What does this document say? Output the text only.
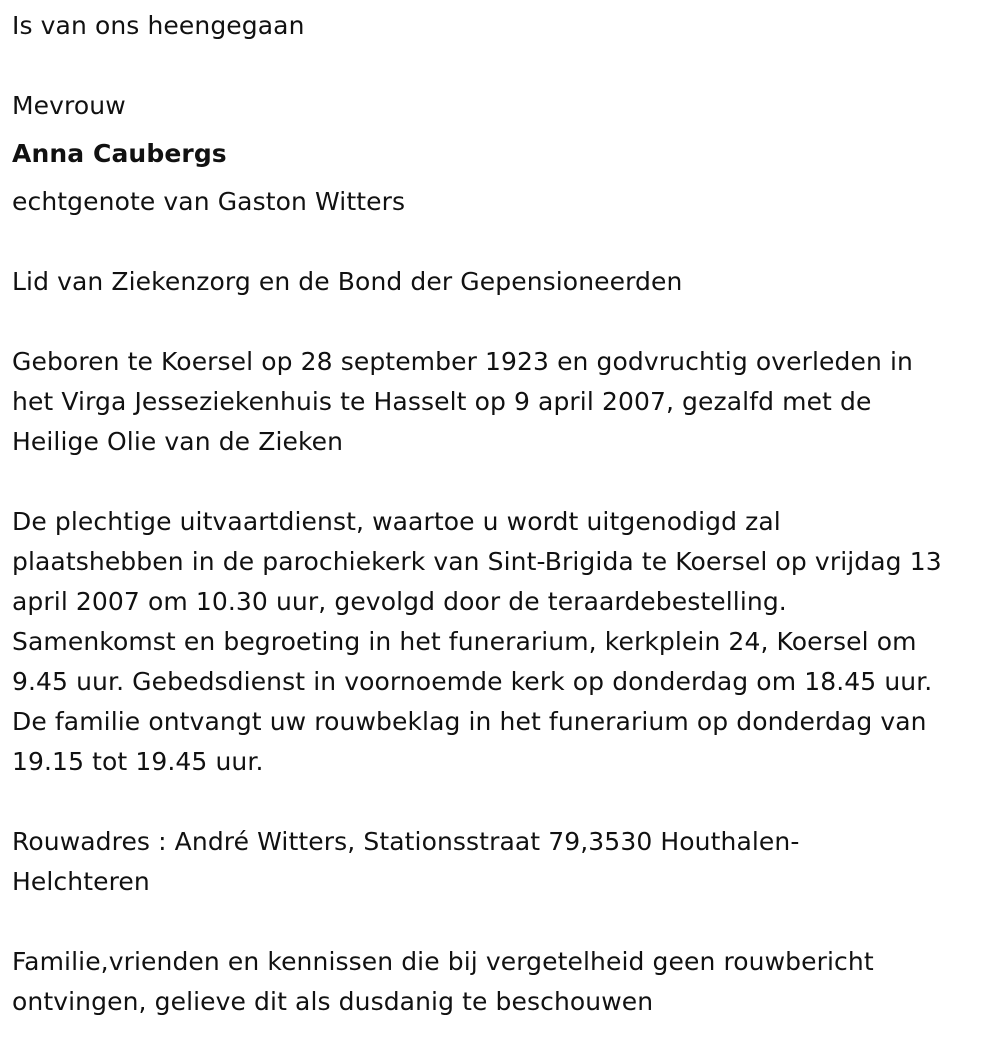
Is van ons heengegaan

Mevrouw

Anna Caubergs

echtgenote van Gaston Witters

Lid van Ziekenzorg en de Bond der Gepensioneerden

Geboren te Koersel op 28 september 1923 en godvruchtig overleden in
het Virga Jesseziekenhuis te Hasselt op 9 april 2007, gezalfd met de
Heilige Olie van de Zieken
De plechtige uitvaartdienst, waartoe u wordt uitgenodigd zal
plaatshebben in de parochiekerk van Sint-Brigida te Koersel op vrijdag 13
april 2007 om 10.30 uur, gevolgd door de teraardebestelling.
Samenkomst en begroeting in het funerarium, kerkplein 24, Koersel om
9.45 uur. Gebedsdienst in voornoemde kerk op donderdag om 18.45 uur.
De familie ontvangt uw rouwbeklag in het funerarium op donderdag van
19.15 tot 19.45 uur.
Rouwadres : André Witters, Stationsstraat 79,3530 Houthalen-
Helchteren
Familie,vrienden en kennissen die bij vergetelheid geen rouwbericht
ontvingen, gelieve dit als dusdanig te beschouwen
